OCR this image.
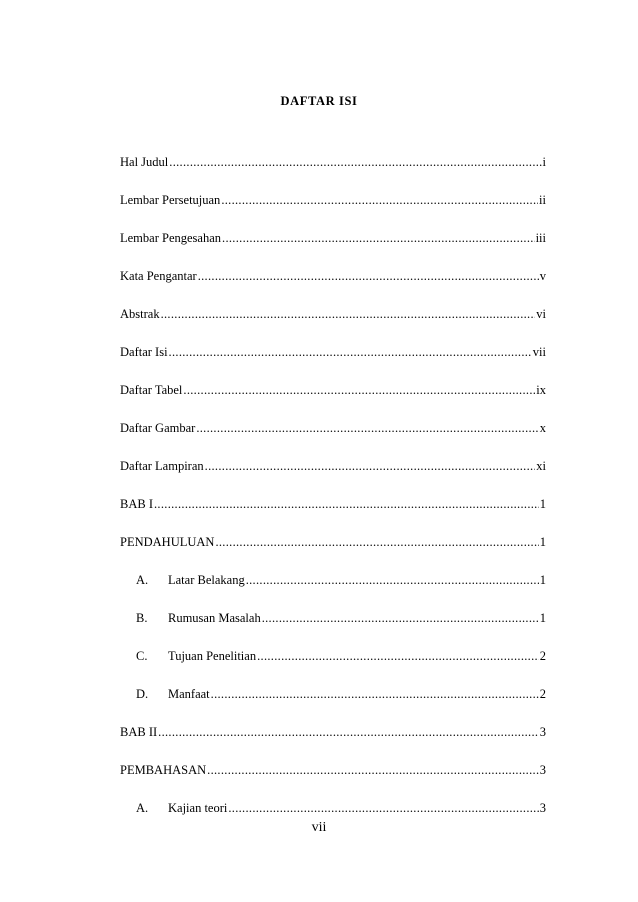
DAFTAR ISI
Hal Judul .....	i
Lembar Persetujuan .....	ii
Lembar Pengesahan .....	iii
Kata Pengantar .....	v
Abstrak .....	vi
Daftar Isi .....	vii
Daftar Tabel .....	ix
Daftar Gambar .....	x
Daftar Lampiran .....	xi
BAB I .....	1
PENDAHULUAN .....	1
A.	Latar Belakang .....	1
B.	Rumusan Masalah .....	1
C.	Tujuan Penelitian .....	2
D.	Manfaat .....	2
BAB II .....	3
PEMBAHASAN .....	3
A.	Kajian teori .....	3
vii
